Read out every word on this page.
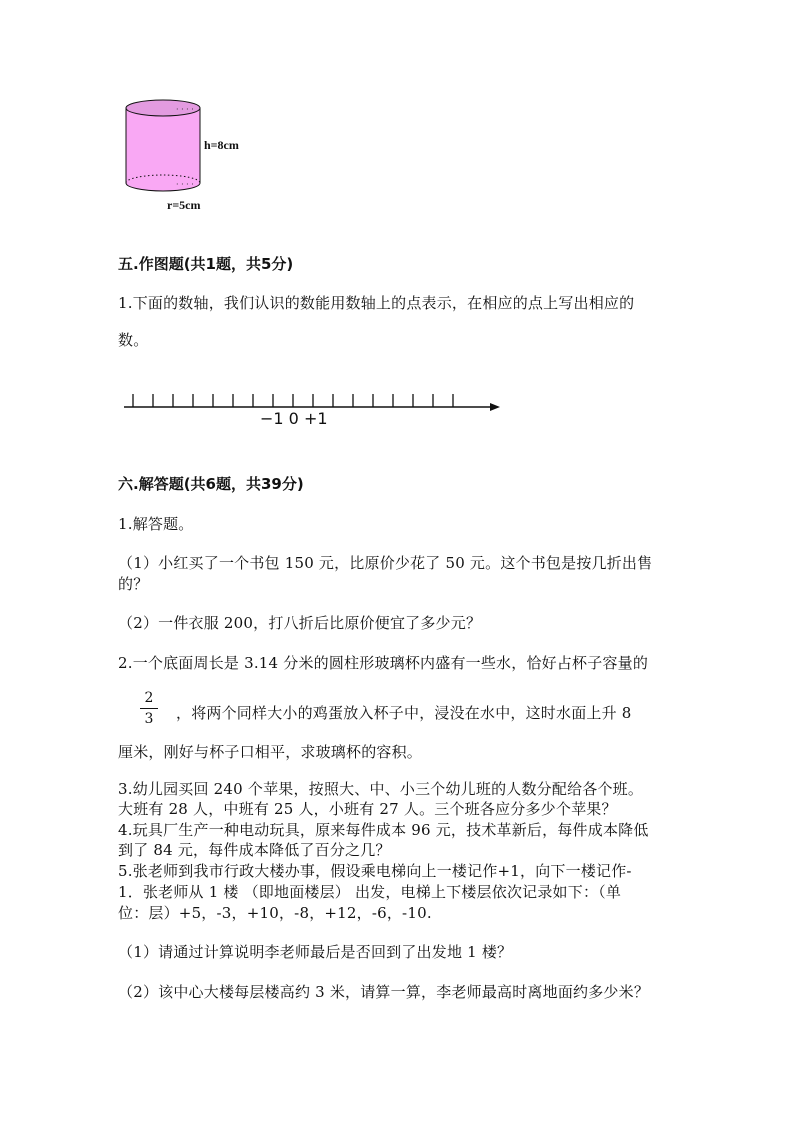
· · · ·
· · · ·
h=8cm
r=5cm
五.作图题(共1题，共5分)
1.下面的数轴，我们认识的数能用数轴上的点表示，在相应的点上写出相应的
数。
−1 0 +1
六.解答题(共6题，共39分)
1.解答题。
（1）小红买了一个书包 150 元，比原价少花了 50 元。这个书包是按几折出售
的？
（2）一件衣服 200，打八折后比原价便宜了多少元？
2.一个底面周长是 3.14 分米的圆柱形玻璃杯内盛有一些水，恰好占杯子容量的
2
3	，将两个同样大小的鸡蛋放入杯子中，浸没在水中，这时水面上升 8
厘米，刚好与杯子口相平，求玻璃杯的容积。
3.幼儿园买回 240 个苹果，按照大、中、小三个幼儿班的人数分配给各个班。
大班有 28 人，中班有 25 人，小班有 27 人。三个班各应分多少个苹果？
4.玩具厂生产一种电动玩具，原来每件成本 96 元，技术革新后，每件成本降低
到了 84 元，每件成本降低了百分之几？
5.张老师到我市行政大楼办事，假设乘电梯向上一楼记作+1，向下一楼记作-
1．张老师从 1 楼 （即地面楼层） 出发，电梯上下楼层依次记录如下：（单
位：层）+5，-3，+10，-8，+12，-6，-10.
（1）请通过计算说明李老师最后是否回到了出发地 1 楼？
（2）该中心大楼每层楼高约 3 米，请算一算，李老师最高时离地面约多少米？
